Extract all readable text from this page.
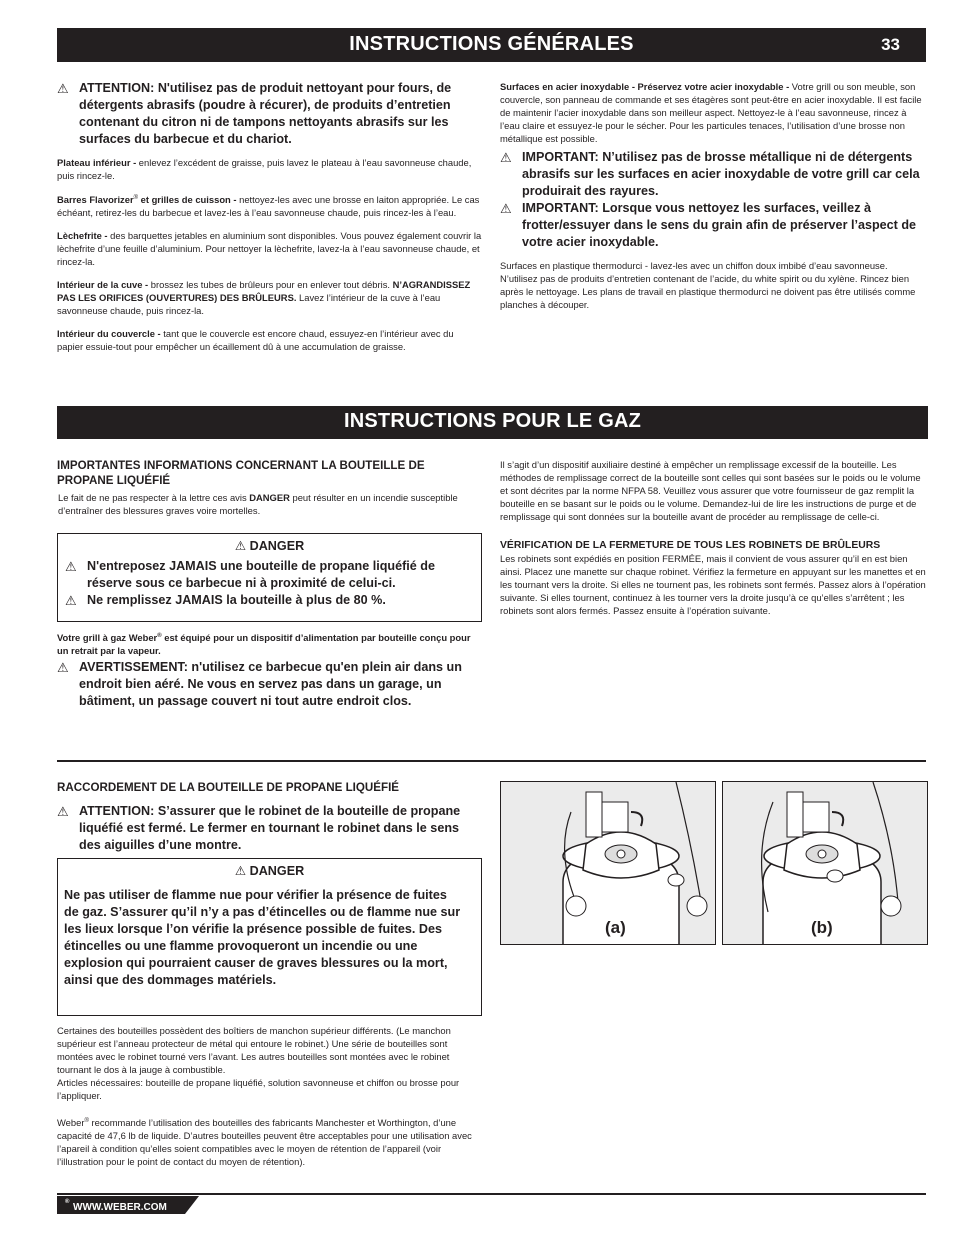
INSTRUCTIONS GÉNÉRALES	33
⚠ ATTENTION: N'utilisez pas de produit nettoyant pour fours, de détergents abrasifs (poudre à récurer), de produits d’entretien contenant du citron ni de tampons nettoyants abrasifs sur les surfaces du barbecue et du chariot.
Plateau inférieur - enlevez l’excédent de graisse, puis lavez le plateau à l’eau savonneuse chaude, puis rincez-le.
Barres Flavorizer® et grilles de cuisson - nettoyez-les avec une brosse en laiton appropriée. Le cas échéant, retirez-les du barbecue et lavez-les à l’eau savonneuse chaude, puis rincez-les à l’eau.
Lèchefrite - des barquettes jetables en aluminium sont disponibles. Vous pouvez également couvrir la lèchefrite d’une feuille d’aluminium. Pour nettoyer la lèchefrite, lavez-la à l’eau savonneuse chaude, et rincez-la.
Intérieur de la cuve - brossez les tubes de brûleurs pour en enlever tout débris. N’AGRANDISSEZ PAS LES ORIFICES (OUVERTURES) DES BRÛLEURS. Lavez l’intérieur de la cuve à l’eau savonneuse chaude, puis rincez-la.
Intérieur du couvercle - tant que le couvercle est encore chaud, essuyez-en l’intérieur avec du papier essuie-tout pour empêcher un écaillement dû à une accumulation de graisse.
Surfaces en acier inoxydable - Préservez votre acier inoxydable - Votre grill ou son meuble, son couvercle, son panneau de commande et ses étagères sont peut-être en acier inoxydable. Il est facile de maintenir l’acier inoxydable dans son meilleur aspect. Nettoyez-le à l’eau savonneuse, rincez à l’eau claire et essuyez-le pour le sécher. Pour les particules tenaces, l’utilisation d’une brosse non métallique est possible.
⚠ IMPORTANT: N’utilisez pas de brosse métallique ni de détergents abrasifs sur les surfaces en acier inoxydable de votre grill car cela produirait des rayures.
⚠ IMPORTANT: Lorsque vous nettoyez les surfaces, veillez à frotter/essuyer dans le sens du grain afin de préserver l’aspect de votre acier inoxydable.
Surfaces en plastique thermodurci - lavez-les avec un chiffon doux imbibé d’eau savonneuse. N’utilisez pas de produits d’entretien contenant de l’acide, du white spirit ou du xylène. Rincez bien après le nettoyage. Les plans de travail en plastique thermodurci ne doivent pas être utilisés comme planches à découper.
INSTRUCTIONS POUR LE GAZ
IMPORTANTES INFORMATIONS CONCERNANT LA BOUTEILLE DE PROPANE LIQUÉFIÉ
Le fait de ne pas respecter à la lettre ces avis DANGER peut résulter en un incendie susceptible d’entraîner des blessures graves voire mortelles.
⚠ DANGER
⚠ N'entreposez JAMAIS une bouteille de propane liquéfié de réserve sous ce barbecue ni à proximité de celui-ci.
⚠ Ne remplissez JAMAIS la bouteille à plus de 80 %.
Votre grill à gaz Weber® est équipé pour un dispositif d’alimentation par bouteille conçu pour un retrait par la vapeur.
⚠ AVERTISSEMENT: n'utilisez ce barbecue qu'en plein air dans un endroit bien aéré. Ne vous en servez pas dans un garage, un bâtiment, un passage couvert ni tout autre endroit clos.
Il s’agit d’un dispositif auxiliaire destiné à empêcher un remplissage excessif de la bouteille. Les méthodes de remplissage correct de la bouteille sont celles qui sont basées sur le poids ou le volume et sont décrites par la norme NFPA 58. Veuillez vous assurer que votre fournisseur de gaz remplit la bouteille en se basant sur le poids ou le volume. Demandez-lui de lire les instructions de purge et de remplissage qui sont données sur la bouteille avant de procéder au remplissage de celle-ci.
VÉRIFICATION DE LA FERMETURE DE TOUS LES ROBINETS DE BRÛLEURS
Les robinets sont expédiés en position FERMÉE, mais il convient de vous assurer qu’il en est bien ainsi. Placez une manette sur chaque robinet. Vérifiez la fermeture en appuyant sur les manettes et en les tournant vers la droite. Si elles ne tournent pas, les robinets sont fermés. Passez alors à l’opération suivante. Si elles tournent, continuez à les tourner vers la droite jusqu’à ce qu’elles s’arrêtent ; les robinets sont alors fermés. Passez ensuite à l’opération suivante.
RACCORDEMENT DE LA BOUTEILLE DE PROPANE LIQUÉFIÉ
⚠ ATTENTION: S’assurer que le robinet de la bouteille de propane liquéfié est fermé. Le fermer en tournant le robinet dans le sens des aiguilles d’une montre.
⚠ DANGER
Ne pas utiliser de flamme nue pour vérifier la présence de fuites de gaz. S’assurer qu’il n’y a pas d’étincelles ou de flamme nue sur les lieux lorsque l’on vérifie la présence possible de fuites. Des étincelles ou une flamme provoqueront un incendie ou une explosion qui pourraient causer de graves blessures ou la mort, ainsi que des dommages matériels.
Certaines des bouteilles possèdent des boîtiers de manchon supérieur différents. (Le manchon supérieur est l’anneau protecteur de métal qui entoure le robinet.) Une série de bouteilles sont montées avec le robinet tourné vers l’avant. Les autres bouteilles sont montées avec le robinet tournant le dos à la jauge à combustible.
Articles nécessaires: bouteille de propane liquéfié, solution savonneuse et chiffon ou brosse pour l’appliquer.
Weber® recommande l’utilisation des bouteilles des fabricants Manchester et Worthington, d’une capacité de 47,6 lb de liquide. D’autres bouteilles peuvent être acceptables pour une utilisation avec l’apareil à condition qu’elles soient compatibles avec le moyen de rétention de l’appareil (voir l’illustration pour le point de contact du moyen de rétention).
(a)	(b)
WWW.WEBER.COM
®
